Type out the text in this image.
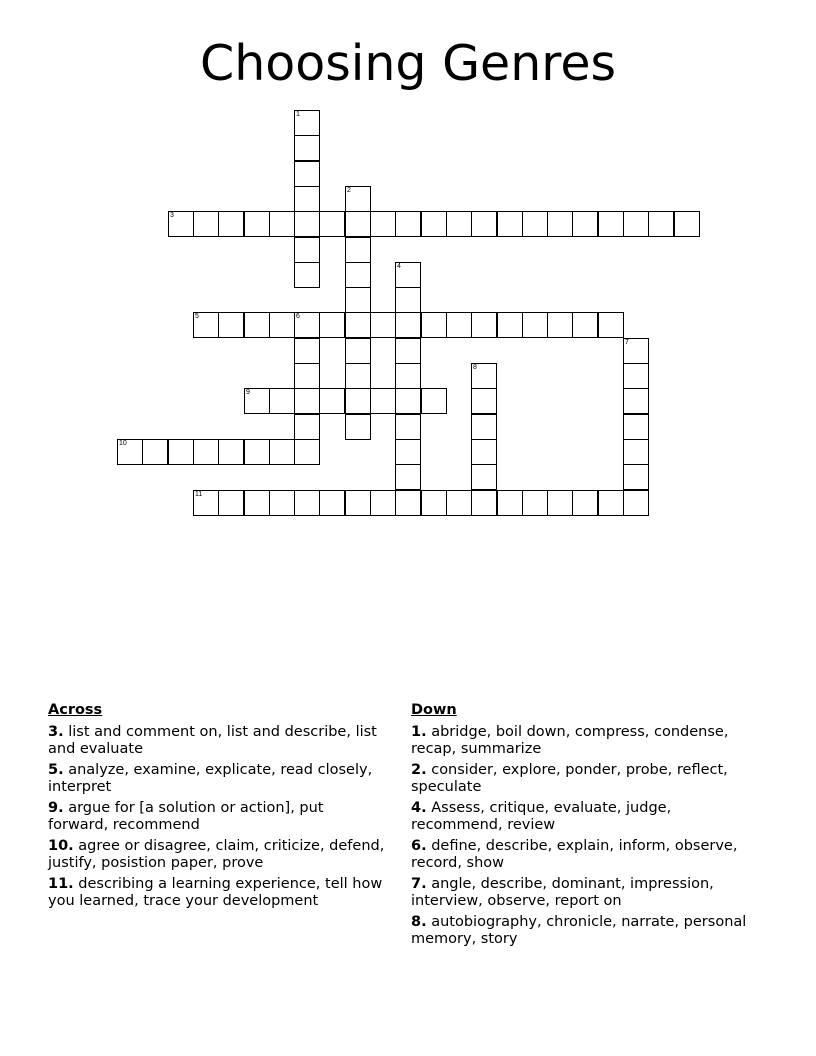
Choosing Genres
1
2
3
4
5	6
7
8
9
10
11
Across
3. list and comment on, list and describe, list and evaluate
5. analyze, examine, explicate, read closely, interpret
9. argue for [a solution or action], put forward, recommend
10. agree or disagree, claim, criticize, defend, justify, posistion paper, prove
11. describing a learning experience, tell how you learned, trace your development
Down
1. abridge, boil down, compress, condense, recap, summarize
2. consider, explore, ponder, probe, reflect, speculate
4. Assess, critique, evaluate, judge, recommend, review
6. define, describe, explain, inform, observe, record, show
7. angle, describe, dominant, impression, interview, observe, report on
8. autobiography, chronicle, narrate, personal memory, story
